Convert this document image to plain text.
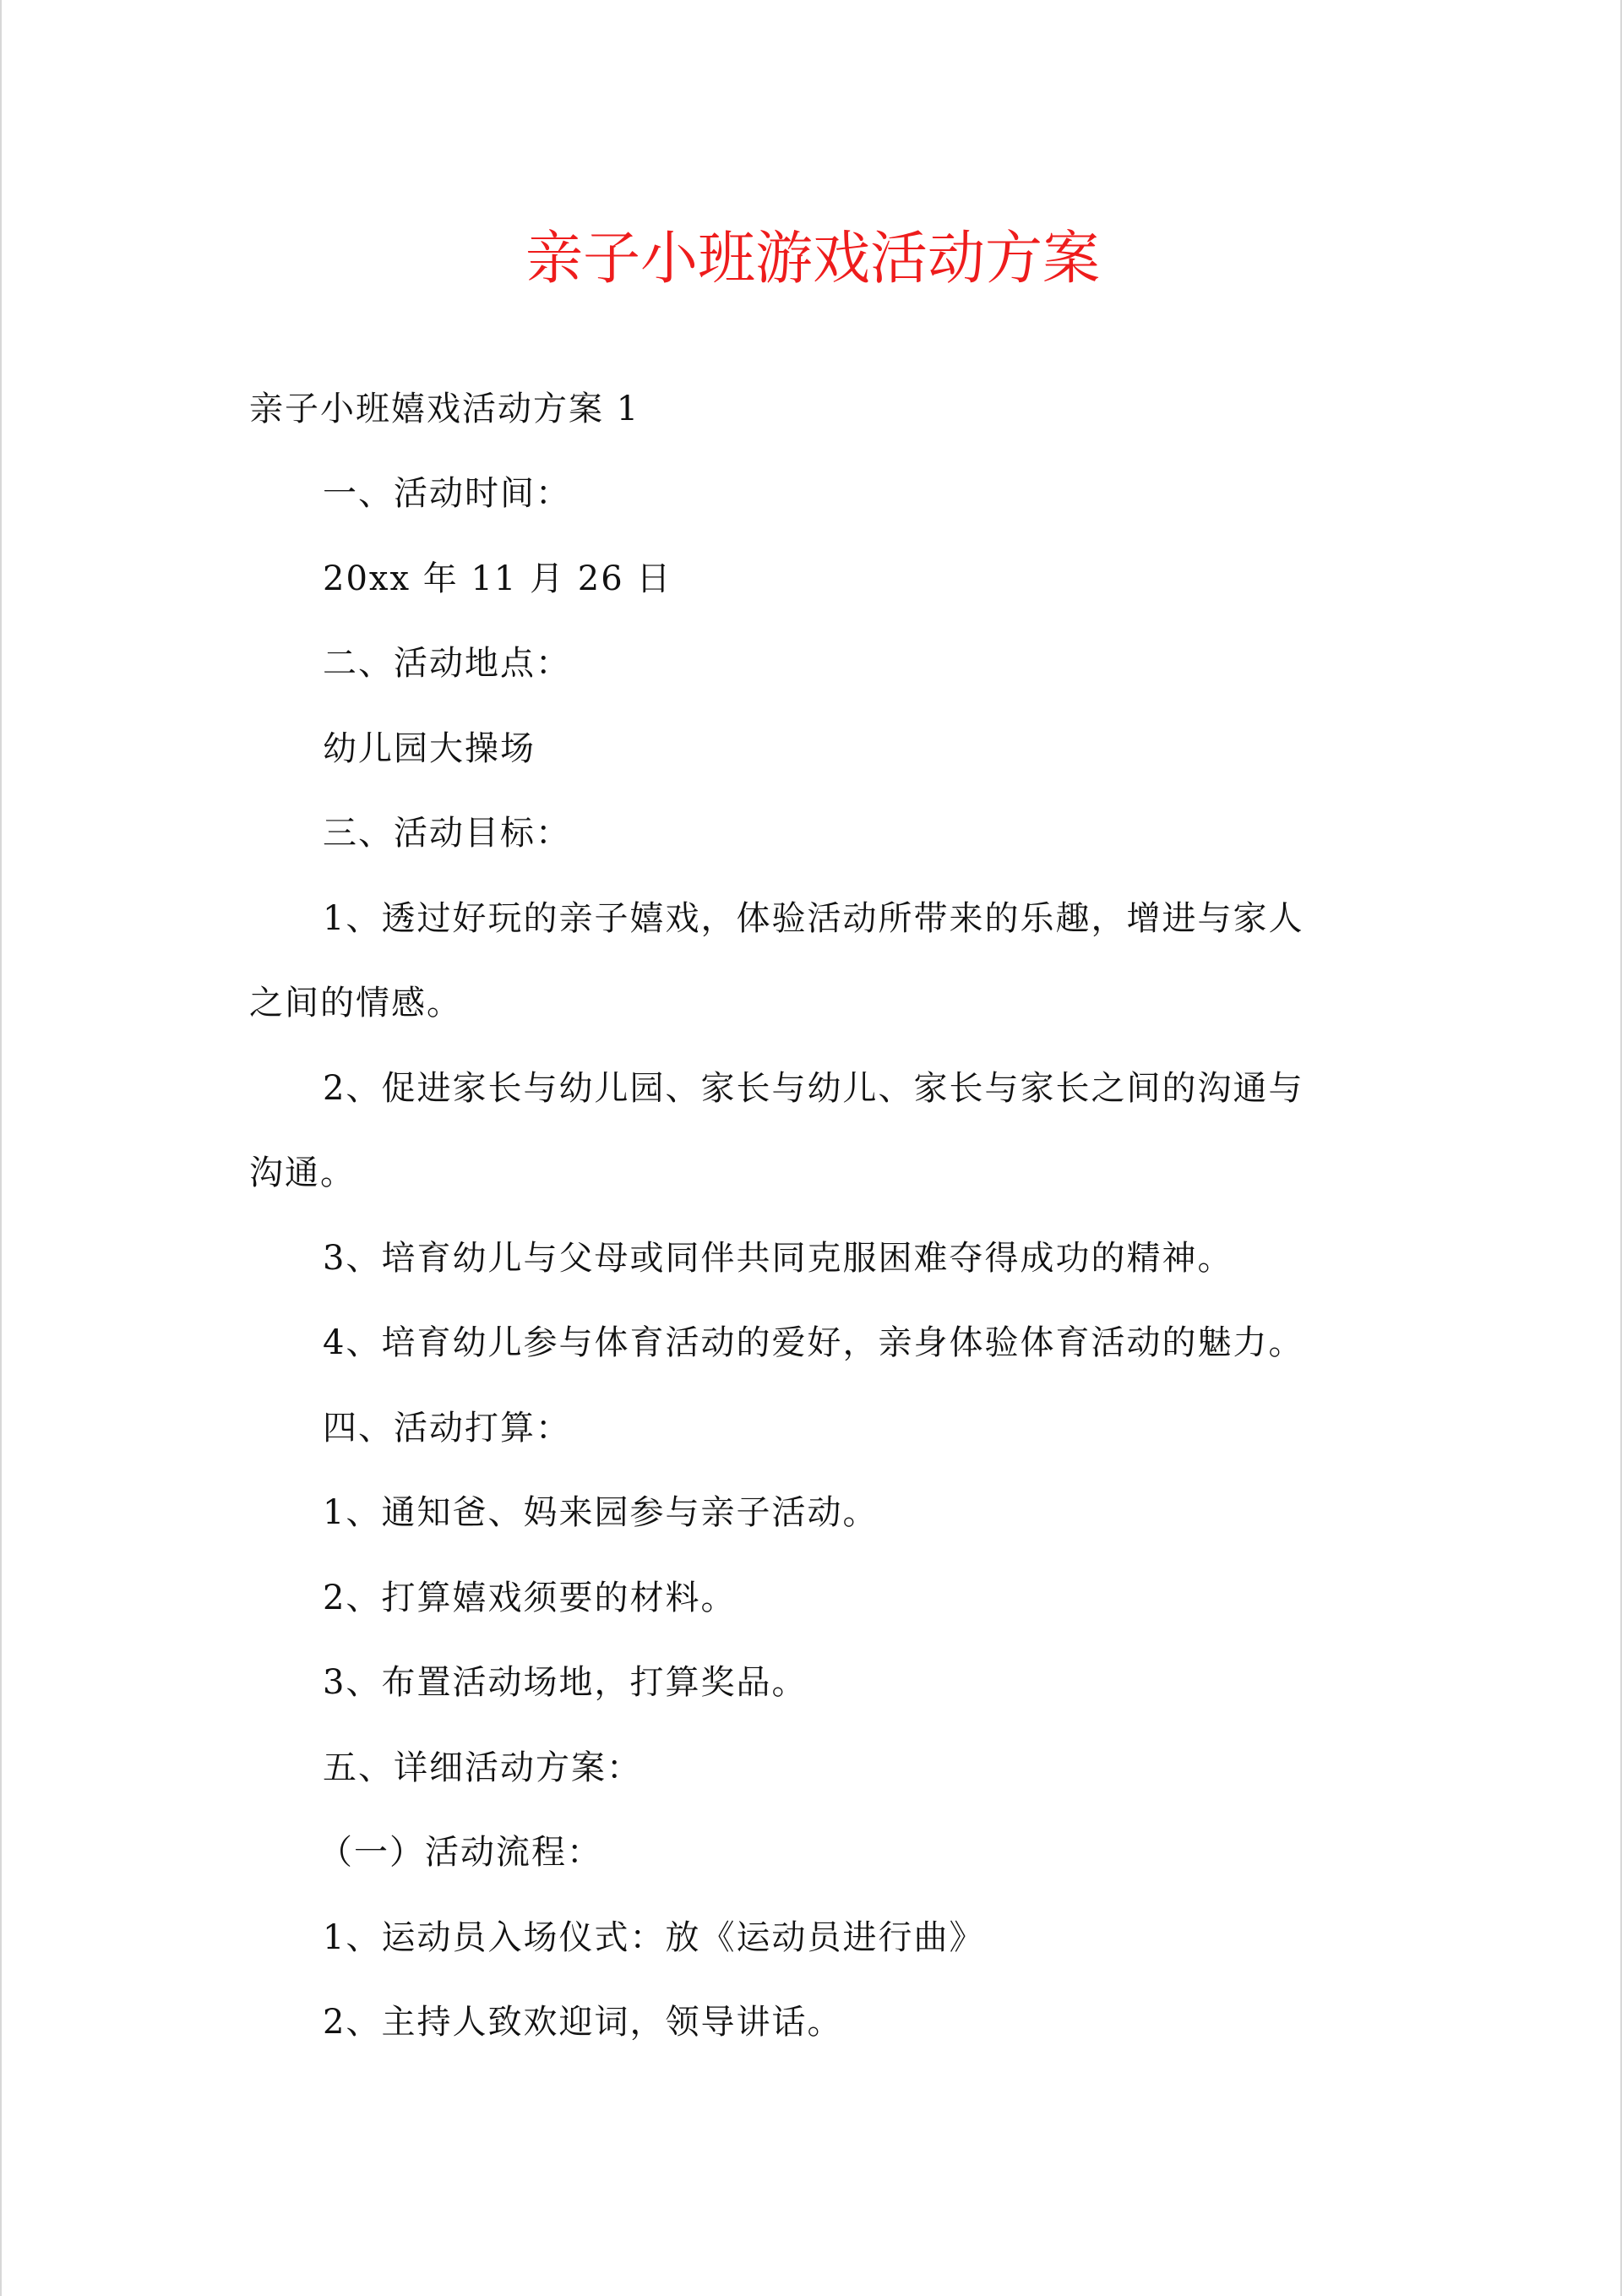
亲子小班游戏活动方案
亲子小班嬉戏活动方案 1
一、活动时间：
20xx 年 11 月 26 日
二、活动地点：
幼儿园大操场
三、活动目标：
1、透过好玩的亲子嬉戏，体验活动所带来的乐趣，增进与家人
之间的情感。
2、促进家长与幼儿园、家长与幼儿、家长与家长之间的沟通与
沟通。
3、培育幼儿与父母或同伴共同克服困难夺得成功的精神。
4、培育幼儿参与体育活动的爱好，亲身体验体育活动的魅力。
四、活动打算：
1、通知爸、妈来园参与亲子活动。
2、打算嬉戏须要的材料。
3、布置活动场地，打算奖品。
五、详细活动方案：
（一）活动流程：
1、运动员入场仪式：放《运动员进行曲》
2、主持人致欢迎词，领导讲话。
